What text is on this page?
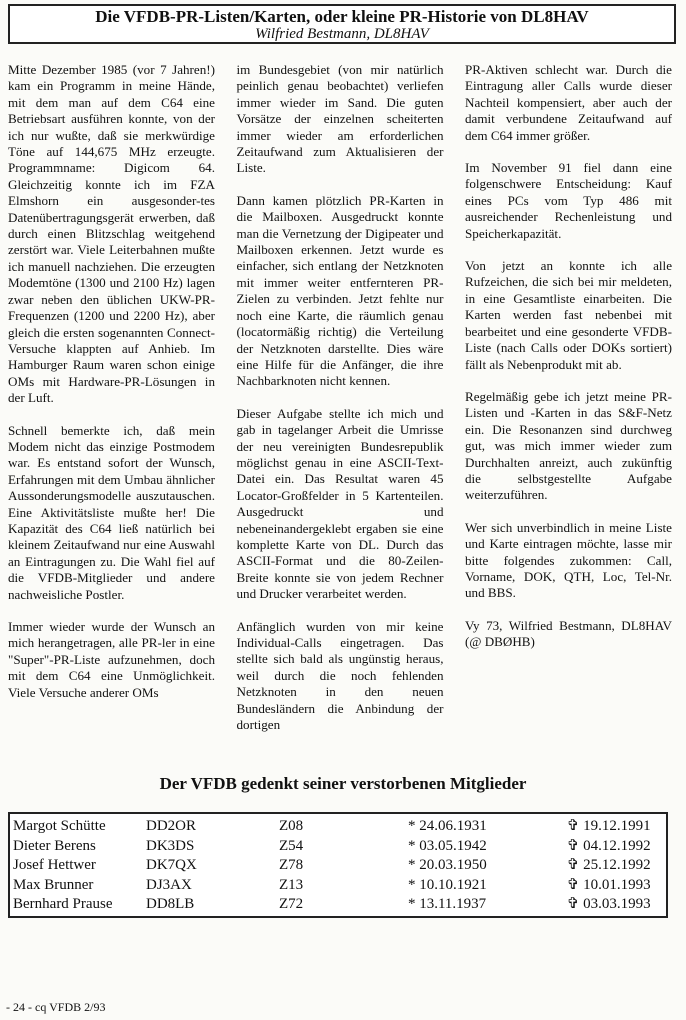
Die VFDB-PR-Listen/Karten, oder kleine PR-Historie von DL8HAV
Wilfried Bestmann, DL8HAV

Mitte Dezember 1985 (vor 7 Jahren!) kam ein Programm in meine Hände, mit dem man auf dem C64 eine Betriebsart ausführen konnte, von der ich nur wußte, daß sie merkwürdige Töne auf 144,675 MHz erzeugte. Programmname: Digicom 64. Gleichzeitig konnte ich im FZA Elmshorn ein ausgesonder-tes Datenübertragungsgerät erwerben, daß durch einen Blitzschlag weitgehend zerstört war. Viele Leiterbahnen mußte ich manuell nachziehen. Die erzeugten Modemtöne (1300 und 2100 Hz) lagen zwar neben den üblichen UKW-PR-Frequenzen (1200 und 2200 Hz), aber gleich die ersten sogenannten Connect-Versuche klappten auf Anhieb. Im Hamburger Raum waren schon einige OMs mit Hardware-PR-Lösungen in der Luft.

Schnell bemerkte ich, daß mein Modem nicht das einzige Postmodem war. Es entstand sofort der Wunsch, Erfahrungen mit dem Umbau ähnlicher Aussonderungsmodelle auszutauschen. Eine Aktivitätsliste mußte her! Die Kapazität des C64 ließ natürlich bei kleinem Zeitaufwand nur eine Auswahl an Eintragungen zu. Die Wahl fiel auf die VFDB-Mitglieder und andere nachweisliche Postler.

Immer wieder wurde der Wunsch an mich herangetragen, alle PR-ler in eine "Super"-PR-Liste aufzunehmen, doch mit dem C64 eine Unmöglichkeit. Viele Versuche anderer OMs

im Bundesgebiet (von mir natürlich peinlich genau beobachtet) verliefen immer wieder im Sand. Die guten Vorsätze der einzelnen scheiterten immer wieder am erforderlichen Zeitaufwand zum Aktualisieren der Liste.

Dann kamen plötzlich PR-Karten in die Mailboxen. Ausgedruckt konnte man die Vernetzung der Digipeater und Mailboxen erkennen. Jetzt wurde es einfacher, sich entlang der Netzknoten mit immer weiter entfernteren PR-Zielen zu verbinden. Jetzt fehlte nur noch eine Karte, die räumlich genau (locatormäßig richtig) die Verteilung der Netzknoten darstellte. Dies wäre eine Hilfe für die Anfänger, die ihre Nachbarknoten nicht kennen.

Dieser Aufgabe stellte ich mich und gab in tagelanger Arbeit die Umrisse der neu vereinigten Bundesrepublik möglichst genau in eine ASCII-Text-Datei ein. Das Resultat waren 45 Locator-Großfelder in 5 Kartenteilen. Ausgedruckt und nebeneinandergeklebt ergaben sie eine komplette Karte von DL. Durch das ASCII-Format und die 80-Zeilen-Breite konnte sie von jedem Rechner und Drucker verarbeitet werden.

Anfänglich wurden von mir keine Individual-Calls eingetragen. Das stellte sich bald als ungünstig heraus, weil durch die noch fehlenden Netzknoten in den neuen Bundesländern die Anbindung der dortigen

PR-Aktiven schlecht war. Durch die Eintragung aller Calls wurde dieser Nachteil kompensiert, aber auch der damit verbundene Zeitaufwand auf dem C64 immer größer.

Im November 91 fiel dann eine folgenschwere Entscheidung: Kauf eines PCs vom Typ 486 mit ausreichender Rechenleistung und Speicherkapazität.

Von jetzt an konnte ich alle Rufzeichen, die sich bei mir meldeten, in eine Gesamtliste einarbeiten. Die Karten werden fast nebenbei mit bearbeitet und eine gesonderte VFDB-Liste (nach Calls oder DOKs sortiert) fällt als Nebenprodukt mit ab.

Regelmäßig gebe ich jetzt meine PR-Listen und -Karten in das S&F-Netz ein. Die Resonanzen sind durchweg gut, was mich immer wieder zum Durchhalten anreizt, auch zukünftig die selbstgestellte Aufgabe weiterzuführen.

Wer sich unverbindlich in meine Liste und Karte eintragen möchte, lasse mir bitte folgendes zukommen: Call, Vorname, DOK, QTH, Loc, Tel-Nr. und BBS.

Vy 73, Wilfried Bestmann, DL8HAV (@ DBØHB)

Der VFDB gedenkt seiner verstorbenen Mitglieder
Margot Schütte	DD2OR	Z08	* 24.06.1931	✞ 19.12.1991
Dieter Berens	DK3DS	Z54	* 03.05.1942	✞ 04.12.1992
Josef Hettwer	DK7QX	Z78	* 20.03.1950	✞ 25.12.1992
Max Brunner	DJ3AX	Z13	* 10.10.1921	✞ 10.01.1993
Bernhard Prause	DD8LB	Z72	* 13.11.1937	✞ 03.03.1993
- 24 - cq VFDB 2/93
